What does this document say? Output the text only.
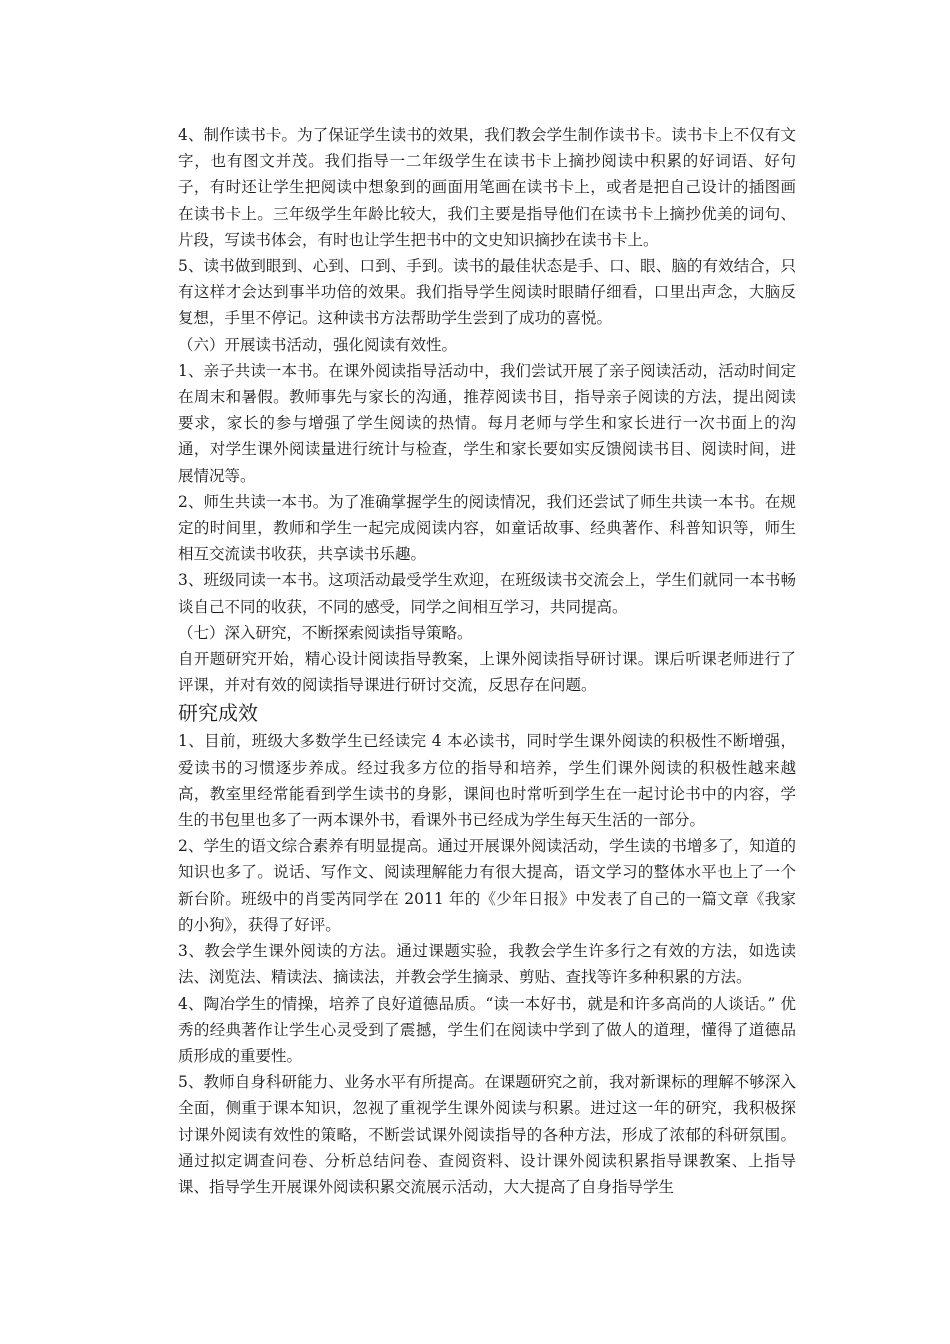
4、制作读书卡。为了保证学生读书的效果，我们教会学生制作读书卡。读书卡上不仅有文字，也有图文并茂。我们指导一二年级学生在读书卡上摘抄阅读中积累的好词语、好句子，有时还让学生把阅读中想象到的画面用笔画在读书卡上，或者是把自己设计的插图画在读书卡上。三年级学生年龄比较大，我们主要是指导他们在读书卡上摘抄优美的词句、片段，写读书体会，有时也让学生把书中的文史知识摘抄在读书卡上。

5、读书做到眼到、心到、口到、手到。读书的最佳状态是手、口、眼、脑的有效结合，只有这样才会达到事半功倍的效果。我们指导学生阅读时眼睛仔细看，口里出声念，大脑反复想，手里不停记。这种读书方法帮助学生尝到了成功的喜悦。

（六）开展读书活动，强化阅读有效性。

1、亲子共读一本书。在课外阅读指导活动中，我们尝试开展了亲子阅读活动，活动时间定在周末和暑假。教师事先与家长的沟通，推荐阅读书目，指导亲子阅读的方法，提出阅读要求，家长的参与增强了学生阅读的热情。每月老师与学生和家长进行一次书面上的沟通，对学生课外阅读量进行统计与检查，学生和家长要如实反馈阅读书目、阅读时间，进展情况等。

2、师生共读一本书。为了准确掌握学生的阅读情况，我们还尝试了师生共读一本书。在规定的时间里，教师和学生一起完成阅读内容，如童话故事、经典著作、科普知识等，师生相互交流读书收获，共享读书乐趣。

3、班级同读一本书。这项活动最受学生欢迎，在班级读书交流会上，学生们就同一本书畅谈自己不同的收获，不同的感受，同学之间相互学习，共同提高。

（七）深入研究，不断探索阅读指导策略。

自开题研究开始，精心设计阅读指导教案，上课外阅读指导研讨课。课后听课老师进行了评课，并对有效的阅读指导课进行研讨交流，反思存在问题。

研究成效

1、目前，班级大多数学生已经读完 4 本必读书，同时学生课外阅读的积极性不断增强，爱读书的习惯逐步养成。经过我多方位的指导和培养，学生们课外阅读的积极性越来越高，教室里经常能看到学生读书的身影，课间也时常听到学生在一起讨论书中的内容，学生的书包里也多了一两本课外书，看课外书已经成为学生每天生活的一部分。

2、学生的语文综合素养有明显提高。通过开展课外阅读活动，学生读的书增多了，知道的知识也多了。说话、写作文、阅读理解能力有很大提高，语文学习的整体水平也上了一个新台阶。班级中的肖雯芮同学在 2011 年的《少年日报》中发表了自己的一篇文章《我家的小狗》，获得了好评。

3、教会学生课外阅读的方法。通过课题实验，我教会学生许多行之有效的方法，如选读法、浏览法、精读法、摘读法，并教会学生摘录、剪贴、查找等许多种积累的方法。

4、陶冶学生的情操，培养了良好道德品质。“读一本好书，就是和许多高尚的人谈话。” 优秀的经典著作让学生心灵受到了震撼，学生们在阅读中学到了做人的道理，懂得了道德品质形成的重要性。

5、教师自身科研能力、业务水平有所提高。在课题研究之前，我对新课标的理解不够深入全面，侧重于课本知识，忽视了重视学生课外阅读与积累。进过这一年的研究，我积极探讨课外阅读有效性的策略，不断尝试课外阅读指导的各种方法，形成了浓郁的科研氛围。通过拟定调查问卷、分析总结问卷、查阅资料、设计课外阅读积累指导课教案、上指导课、指导学生开展课外阅读积累交流展示活动，大大提高了自身指导学生
